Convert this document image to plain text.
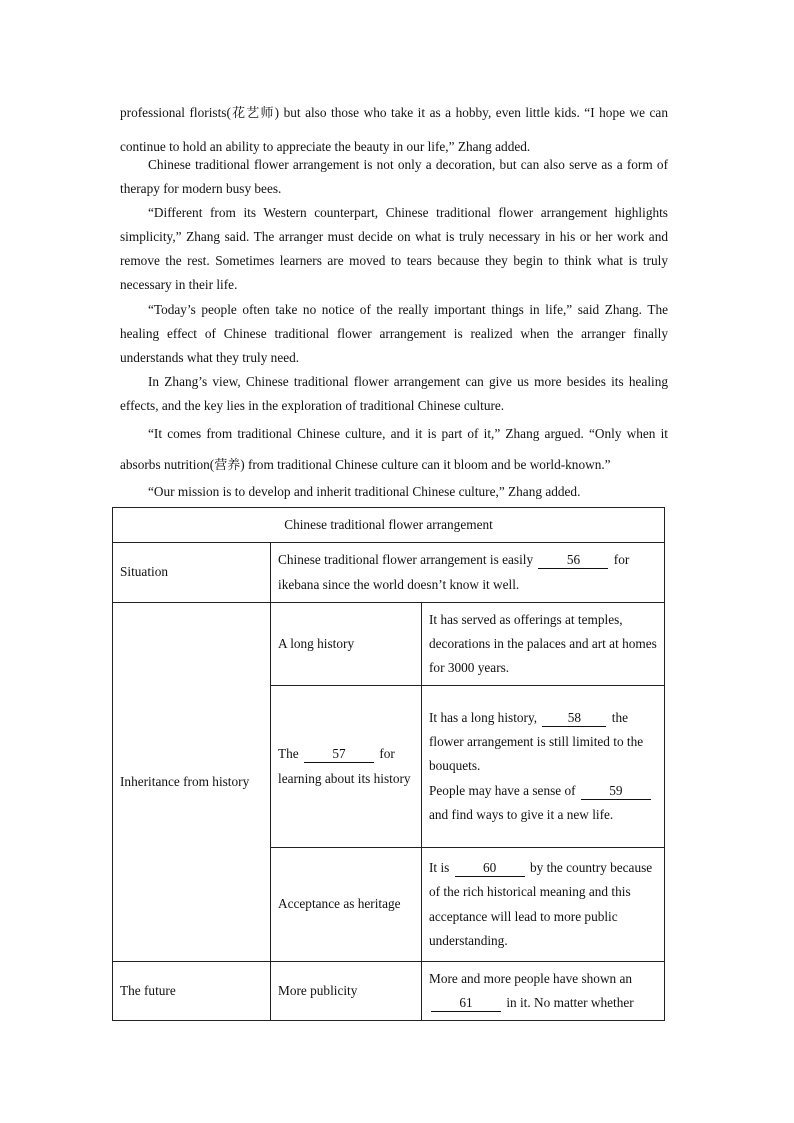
professional florists(花艺师) but also those who take it as a hobby, even little kids. “I hope we can continue to hold an ability to appreciate the beauty in our life,” Zhang added.
Chinese traditional flower arrangement is not only a decoration, but can also serve as a form of therapy for modern busy bees.
“Different from its Western counterpart, Chinese traditional flower arrangement highlights simplicity,” Zhang said. The arranger must decide on what is truly necessary in his or her work and remove the rest. Sometimes learners are moved to tears because they begin to think what is truly necessary in their life.
“Today’s people often take no notice of the really important things in life,” said Zhang. The healing effect of Chinese traditional flower arrangement is realized when the arranger finally understands what they truly need.
In Zhang’s view, Chinese traditional flower arrangement can give us more besides its healing effects, and the key lies in the exploration of traditional Chinese culture.
“It comes from traditional Chinese culture, and it is part of it,” Zhang argued. “Only when it absorbs nutrition(营养) from traditional Chinese culture can it bloom and be world-known.”
“Our mission is to develop and inherit traditional Chinese culture,” Zhang added.
Chinese traditional flower arrangement		
Situation	Chinese traditional flower arrangement is easily 56 for ikebana since the world doesn’t know it well.	
Inheritance from history	A long history	It has served as offerings at temples, decorations in the palaces and art at homes for 3000 years.
	The 57 for learning about its history	It has a long history, 58 the flower arrangement is still limited to the bouquets.
People may have a sense of 59 and find ways to give it a new life.
	Acceptance as heritage	It is 60 by the country because of the rich historical meaning and this acceptance will lead to more public understanding.
The future	More publicity	More and more people have shown an 61 in it. No matter whether
